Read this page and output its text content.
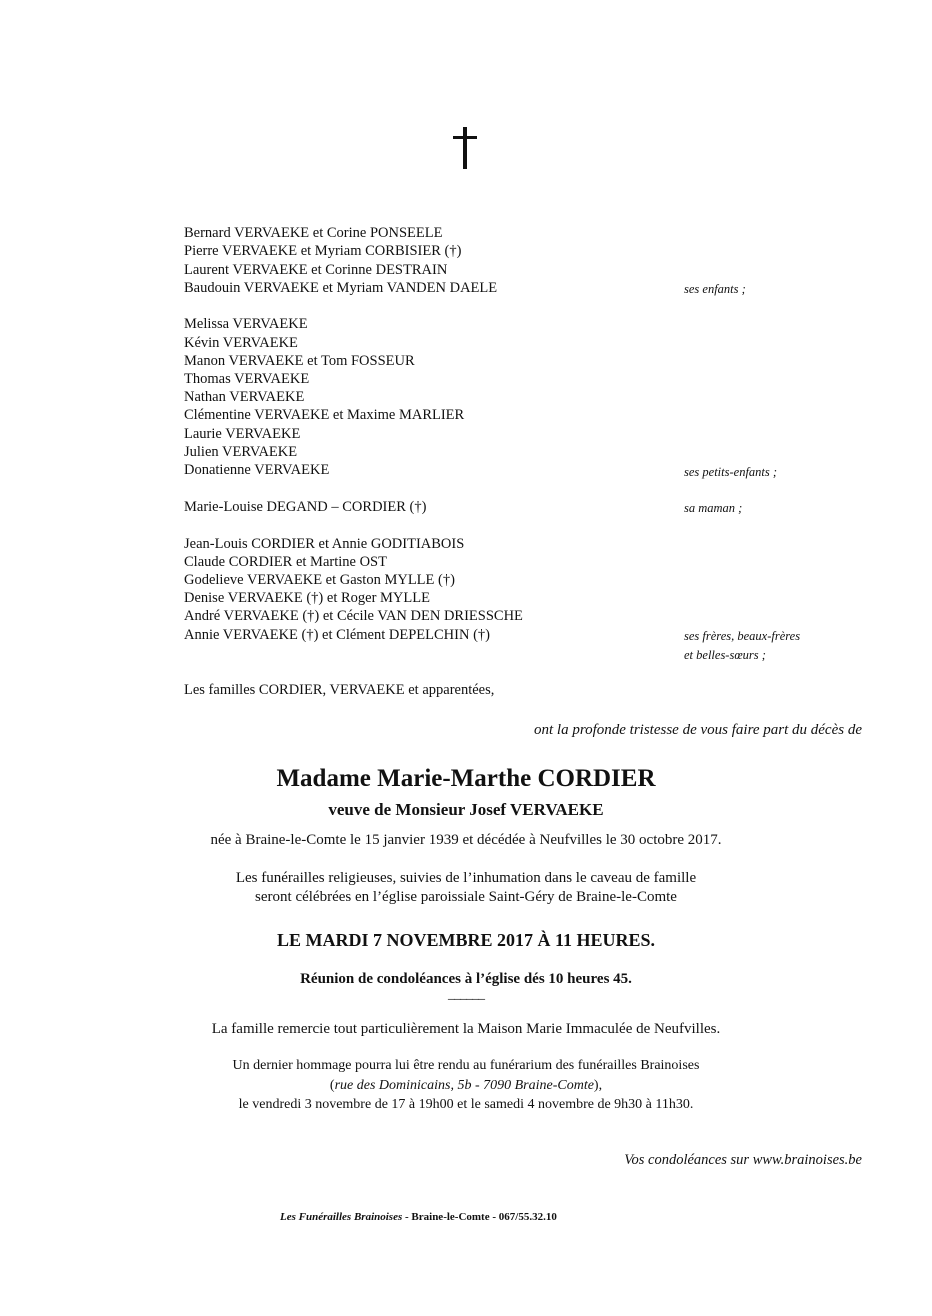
Bernard VERVAEKE et Corine PONSEELE
Pierre VERVAEKE et Myriam CORBISIER (†)
Laurent VERVAEKE et Corinne DESTRAIN
Baudouin VERVAEKE et Myriam VANDEN DAELE	ses enfants ;
Melissa VERVAEKE
Kévin VERVAEKE
Manon VERVAEKE et Tom FOSSEUR
Thomas VERVAEKE
Nathan VERVAEKE
Clémentine VERVAEKE et Maxime MARLIER
Laurie VERVAEKE
Julien VERVAEKE
Donatienne VERVAEKE	ses petits-enfants ;
Marie-Louise DEGAND – CORDIER (†)	sa maman ;
Jean-Louis CORDIER et Annie GODITIABOIS
Claude CORDIER et Martine OST
Godelieve VERVAEKE et Gaston MYLLE (†)
Denise VERVAEKE (†) et Roger MYLLE
André VERVAEKE (†) et Cécile VAN DEN DRIESSCHE
Annie VERVAEKE (†) et Clément DEPELCHIN (†)	ses frères, beaux-frères
et belles-sœurs ;
Les familles CORDIER, VERVAEKE et apparentées,
ont la profonde tristesse de vous faire part du décès de
Madame Marie-Marthe CORDIER
veuve de Monsieur Josef VERVAEKE
née à Braine-le-Comte le 15 janvier 1939 et décédée à Neufvilles le 30 octobre 2017.
Les funérailles religieuses, suivies de l’inhumation dans le caveau de famille
seront célébrées en l’église paroissiale Saint-Géry de Braine-le-Comte
LE MARDI 7 NOVEMBRE 2017 À 11 HEURES.
Réunion de condoléances à l’église dés 10 heures 45.
______
La famille remercie tout particulièrement la Maison Marie Immaculée de Neufvilles.
Un dernier hommage pourra lui être rendu au funérarium des funérailles Brainoises
(rue des Dominicains, 5b - 7090 Braine-Comte),
le vendredi 3 novembre de 17 à 19h00 et le samedi 4 novembre de 9h30 à 11h30.
Vos condoléances sur www.brainoises.be
Les Funérailles Brainoises - Braine-le-Comte - 067/55.32.10
